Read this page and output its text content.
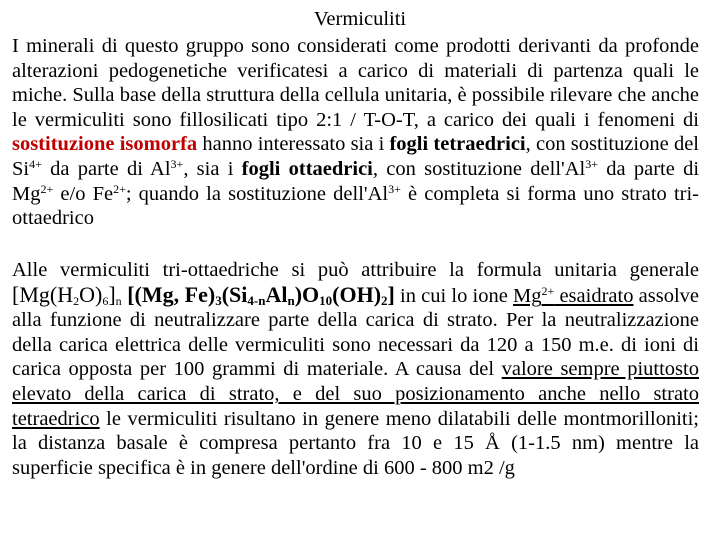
Vermiculiti

I minerali di questo gruppo sono considerati come prodotti derivanti da profonde alterazioni pedogenetiche verificatesi a carico di materiali di partenza quali le miche. Sulla base della struttura della cellula unitaria, è possibile rilevare che anche le vermiculiti sono fillosilicati tipo 2:1 / T-O-T, a carico dei quali i fenomeni di sostituzione isomorfa hanno interessato sia i fogli tetraedrici, con sostituzione del $Si^{4+}$ da parte di $Al^{3+}$, sia i fogli ottaedrici, con sostituzione $dell'Al^{3+}$ da parte di $Mg^{2+}$ e/o $Fe^{2+}$; quando la sostituzione $dell'Al^{3+}$ è completa si forma uno strato tri-ottaedrico

Alle vermiculiti tri-ottaedriche si può attribuire la formula unitaria generale $[Mg(H_2O)_6]_n$ [(Mg, $Fe)_3(Si_{4-n}Al_n)O_{10}(OH)_2$] in cui lo ione $Mg^{2+}$ esaidrato assolve alla funzione di neutralizzare parte della carica di strato. Per la neutralizzazione della carica elettrica delle vermiculiti sono necessari da 120 a 150 m.e. di ioni di carica opposta per 100 grammi di materiale. A causa del valore sempre piuttosto elevato della carica di strato, e del suo posizionamento anche nello strato tetraedrico le vermiculiti risultano in genere meno dilatabili delle montmorilloniti; la distanza basale è compresa pertanto fra 10 e 15 Å (1-1.5 nm) mentre la superficie specifica è in genere dell'ordine di 600 - 800 m2 /g
